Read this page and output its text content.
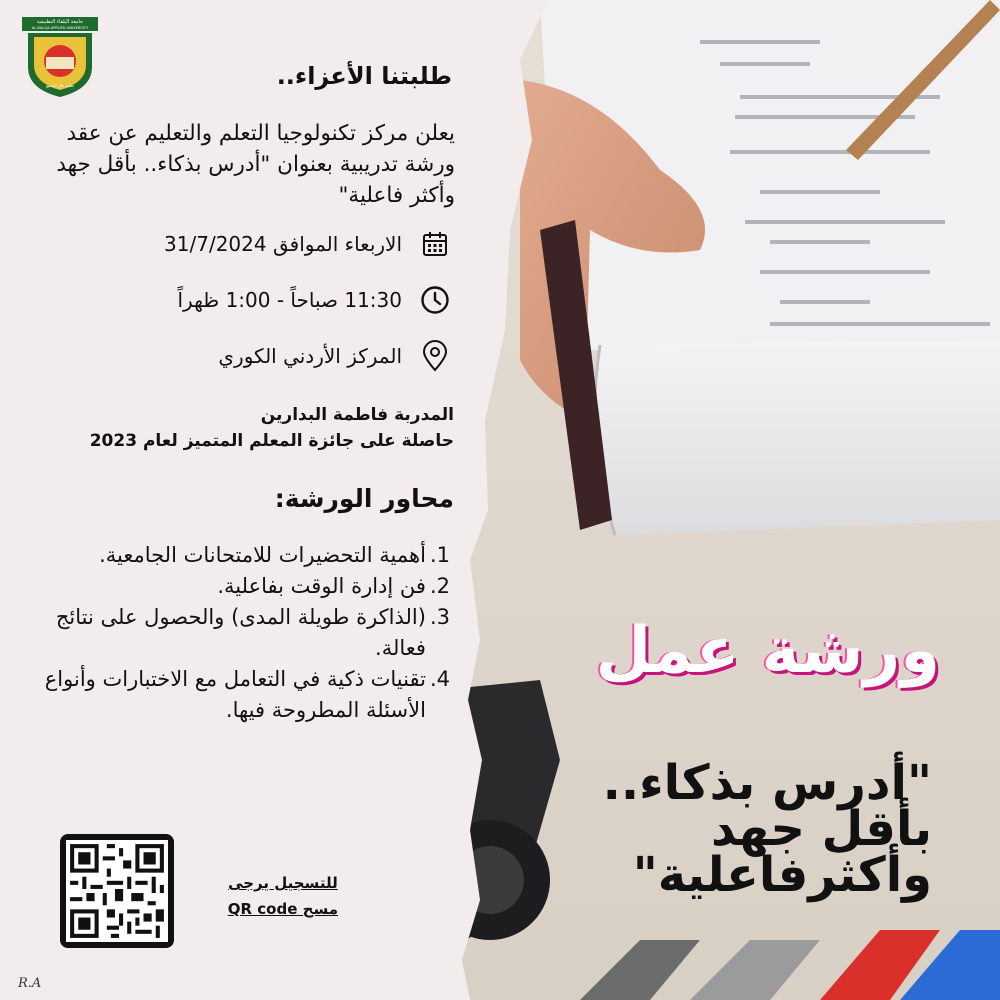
جامعة البلقاء التطبيقية
AL-BALQA APPLIED UNIVERSITY
تعليم عالٍ للجميع	طلبتنا الأعزاء..
يعلن مركز تكنولوجيا التعلم والتعليم عن عقد ورشة تدريبية بعنوان "أدرس بذكاء.. بأقل جهد وأكثر فاعلية"
الاربعاء الموافق 31/7/2024
11:30 صباحاً - 1:00 ظهراً
المركز الأردني الكوري
المدربة فاطمة البدارين
حاصلة على جائزة المعلم المتميز لعام 2023
محاور الورشة:
1.
أهمية التحضيرات للامتحانات الجامعية.
2.
فن إدارة الوقت بفاعلية.
3.
(الذاكرة طويلة المدى) والحصول على نتائج فعالة.
4.
تقنيات ذكية في التعامل مع الاختبارات وأنواع الأسئلة المطروحة فيها.
للتسجيل يرجى
مسح QR code
R.A
ورشة عمل
"أدرس بذكاء.. بأقل جهد وأكثرفاعلية"
